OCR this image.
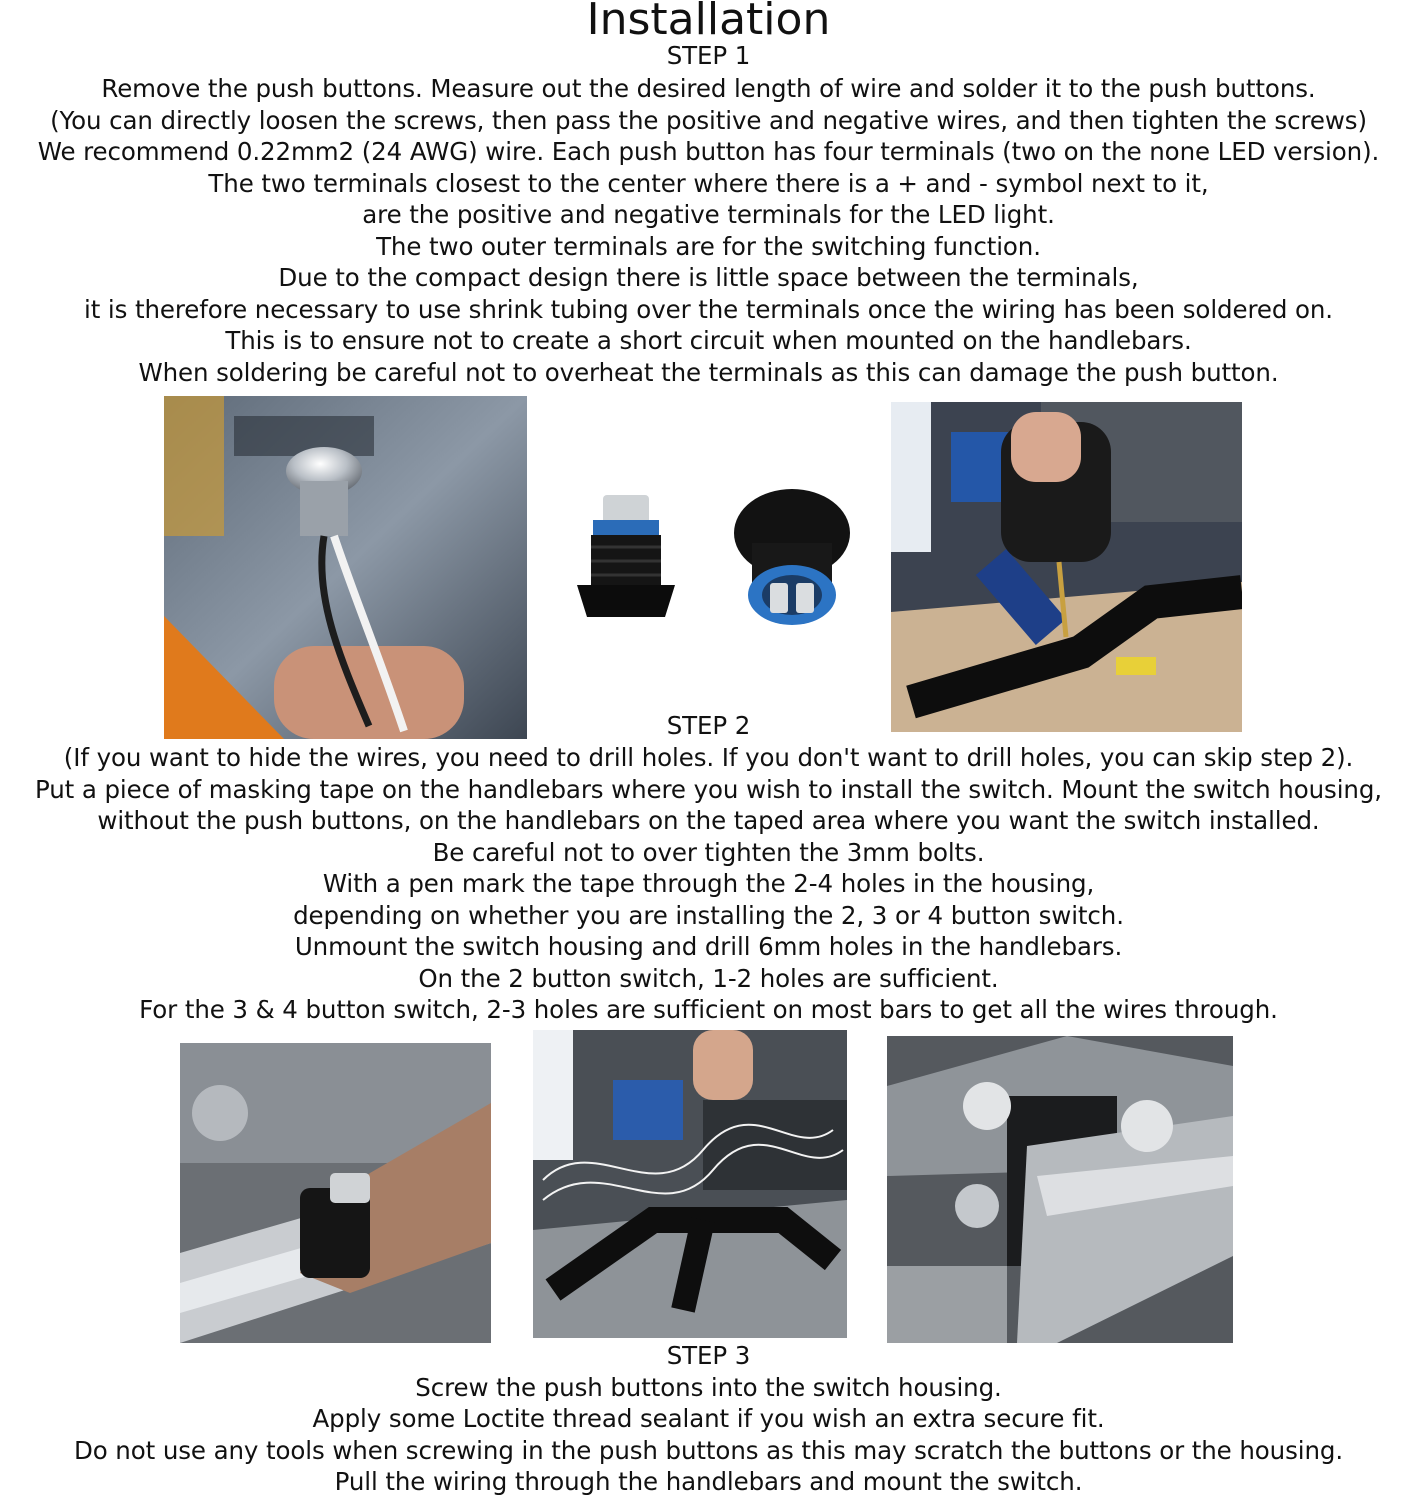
Installation
STEP 1
Remove the push buttons. Measure out the desired length of wire and solder it to the push buttons.
(You can directly loosen the screws, then pass the positive and negative wires, and then tighten the screws)
We recommend 0.22mm2 (24 AWG) wire. Each push button has four terminals (two on the none LED version).
The two terminals closest to the center where there is a + and - symbol next to it,
are the positive and negative terminals for the LED light.
The two outer terminals are for the switching function.
Due to the compact design there is little space between the terminals,
it is therefore necessary to use shrink tubing over the terminals once the wiring has been soldered on.
This is to ensure not to create a short circuit when mounted on the handlebars.
When soldering be careful not to overheat the terminals as this can damage the push button.
STEP 2
(If you want to hide the wires, you need to drill holes. If you don't want to drill holes, you can skip step 2).
Put a piece of masking tape on the handlebars where you wish to install the switch. Mount the switch housing,
without the push buttons, on the handlebars on the taped area where you want the switch installed.
Be careful not to over tighten the 3mm bolts.
With a pen mark the tape through the 2-4 holes in the housing,
depending on whether you are installing the 2, 3 or 4 button switch.
Unmount the switch housing and drill 6mm holes in the handlebars.
On the 2 button switch, 1-2 holes are sufficient.
For the 3 & 4 button switch, 2-3 holes are sufficient on most bars to get all the wires through.
STEP 3
Screw the push buttons into the switch housing.
Apply some Loctite thread sealant if you wish an extra secure fit.
Do not use any tools when screwing in the push buttons as this may scratch the buttons or the housing.
Pull the wiring through the handlebars and mount the switch.
